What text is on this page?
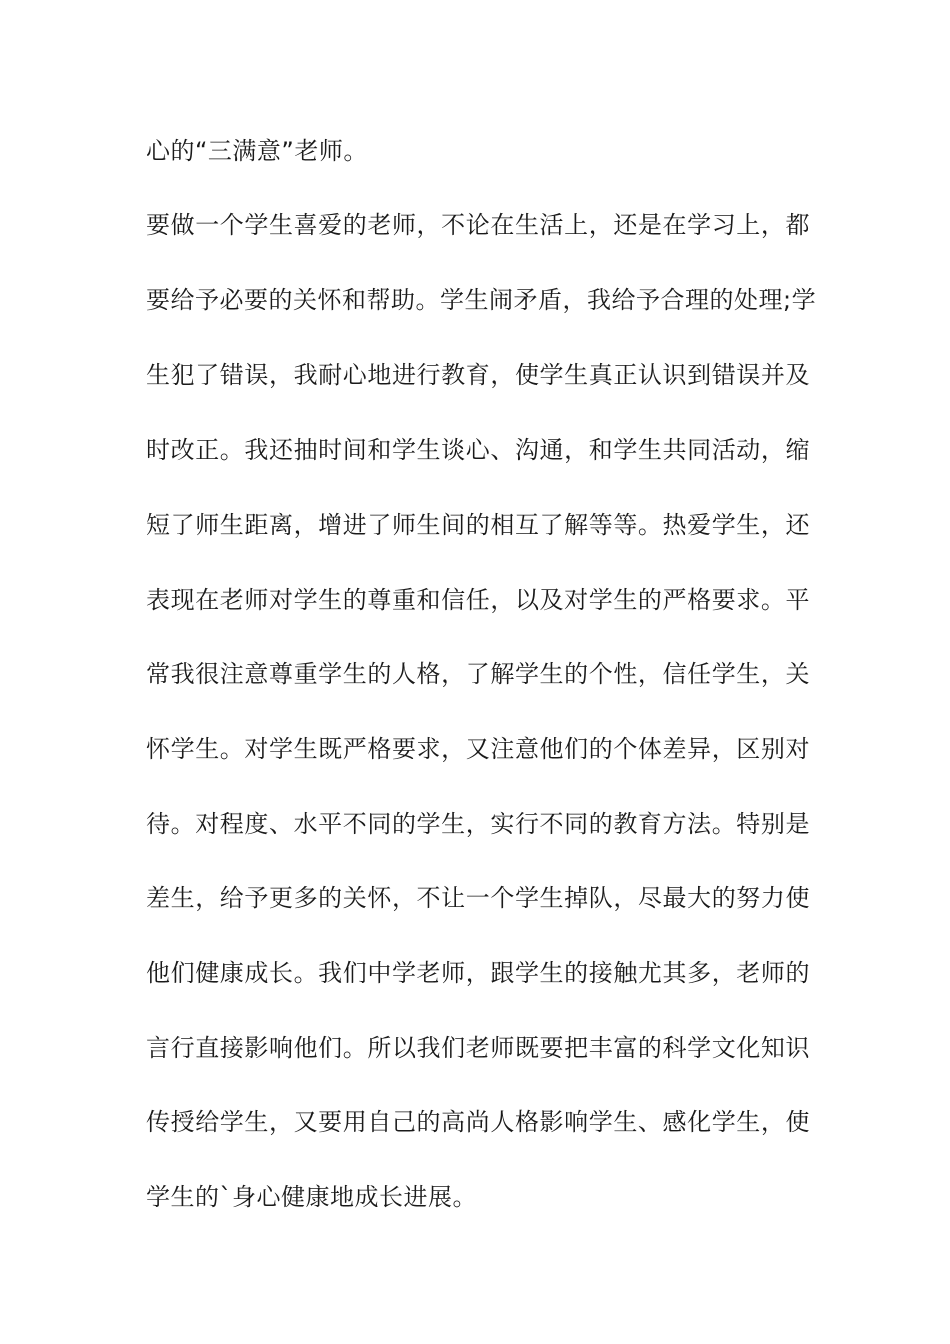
心的“三满意”老师。
要做一个学生喜爱的老师，不论在生活上，还是在学习上，都
要给予必要的关怀和帮助。学生闹矛盾，我给予合理的处理;学
生犯了错误，我耐心地进行教育，使学生真正认识到错误并及
时改正。我还抽时间和学生谈心、沟通，和学生共同活动，缩
短了师生距离，增进了师生间的相互了解等等。热爱学生，还
表现在老师对学生的尊重和信任，以及对学生的严格要求。平
常我很注意尊重学生的人格，了解学生的个性，信任学生，关
怀学生。对学生既严格要求，又注意他们的个体差异，区别对
待。对程度、水平不同的学生，实行不同的教育方法。特别是
差生，给予更多的关怀，不让一个学生掉队，尽最大的努力使
他们健康成长。我们中学老师，跟学生的接触尤其多，老师的
言行直接影响他们。所以我们老师既要把丰富的科学文化知识
传授给学生，又要用自己的高尚人格影响学生、感化学生，使
学生的`身心健康地成长进展。
